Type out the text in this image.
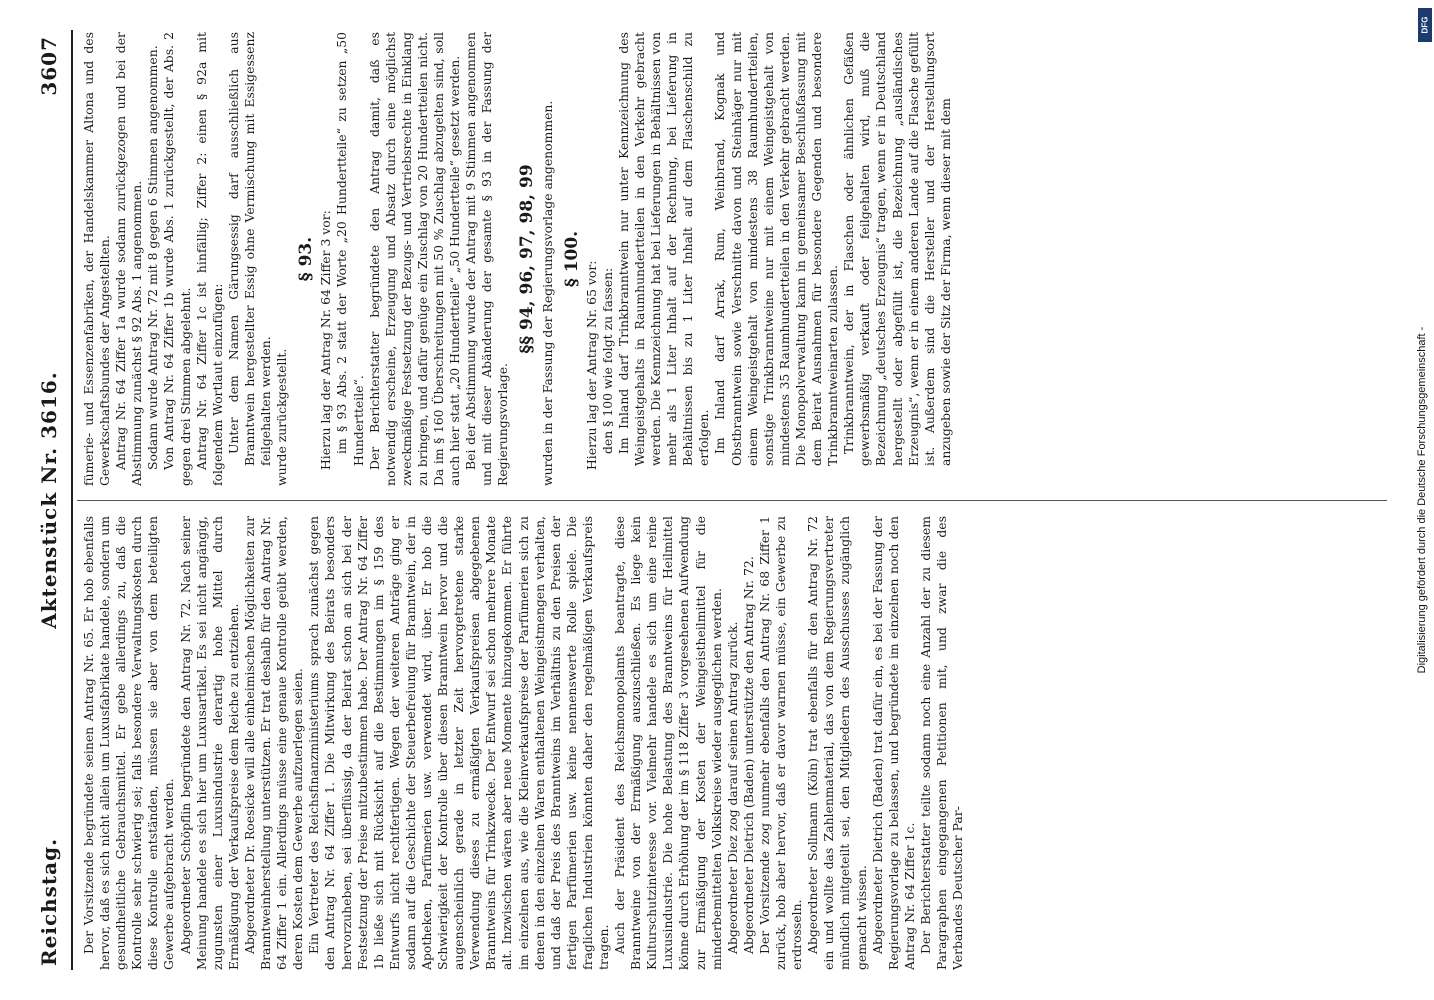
Reichstag.
Aktenstück Nr. 3616.
3607

Der Vorsitzende begründete seinen Antrag Nr. 65. Er hob ebenfalls hervor, daß es sich nicht allein um Luxusfabrikate handele, sondern um gesundheitliche Gebrauchsmittel. Er gebe allerdings zu, daß die Kontrolle sehr schwierig sei; falls besondere Verwaltungskosten durch diese Kontrolle entständen, müssen sie aber von dem beteiligten Gewerbe aufgebracht werden. Abgeordneter Schöpflin begründete den Antrag Nr. 72. Nach seiner Meinung handele es sich hier um Luxusartikel. Es sei nicht angängig, zugunsten einer Luxusindustrie derartig hohe Mittel durch Ermäßigung der Verkaufspreise dem Reiche zu entziehen. Abgeordneter Dr. Roesicke will alle einheimischen Möglichkeiten zur Branntweinherstellung unterstützen. Er trat deshalb für den Antrag Nr. 64 Ziffer 1 ein. Allerdings müsse eine genaue Kontrolle geübt werden, deren Kosten dem Gewerbe aufzuerlegen seien. Ein Vertreter des Reichsfinanzministeriums sprach zunächst gegen den Antrag Nr. 64 Ziffer 1. Die Mitwirkung des Beirats besonders hervorzuheben, sei überflüssig, da der Beirat schon an sich bei der Festsetzung der Preise mitzubestimmen habe. Der Antrag Nr. 64 Ziffer 1b ließe sich mit Rücksicht auf die Bestimmungen im § 159 des Entwurfs nicht rechtfertigen. Wegen der weiteren Anträge ging er sodann auf die Geschichte der Steuerbefreiung für Branntwein, der in Apotheken, Parfümerien usw. verwendet wird, über. Er hob die Schwierigkeit der Kontrolle über diesen Branntwein hervor und die augenscheinlich gerade in letzter Zeit hervorgetretene starke Verwendung dieses zu ermäßigten Verkaufspreisen abgegebenen Branntweins für Trinkzwecke. Der Entwurf sei schon mehrere Monate alt. Inzwischen wären aber neue Momente hinzugekommen. Er führte im einzelnen aus, wie die Kleinverkaufspreise der Parfümerien sich zu denen in den einzelnen Waren enthaltenen Weingeistmengen verhalten, und daß der Preis des Branntweins im Verhältnis zu den Preisen der fertigen Parfümerien usw. keine nennenswerte Rolle spiele. Die fraglichen Industrien könnten daher den regelmäßigen Verkaufspreis tragen. Auch der Präsident des Reichsmonopolamts beantragte, diese Branntweine von der Ermäßigung auszuschließen. Es liege kein Kulturschutzinteresse vor. Vielmehr handele es sich um eine reine Luxusindustrie. Die hohe Belastung des Branntweins für Heilmittel könne durch Erhöhung der im § 118 Ziffer 3 vorgesehenen Aufwendung zur Ermäßigung der Kosten der Weingeistheilmittel für die minderbemittelten Volkskreise wieder ausgeglichen werden. Abgeordneter Diez zog darauf seinen Antrag zurück. Abgeordneter Dietrich (Baden) unterstützte den Antrag Nr. 72. Der Vorsitzende zog nunmehr ebenfalls den Antrag Nr. 68 Ziffer 1 zurück, hob aber hervor, daß er davor warnen müsse, ein Gewerbe zu erdrosseln. Abgeordneter Sollmann (Köln) trat ebenfalls für den Antrag Nr. 72 ein und wollte das Zahlenmaterial, das von dem Regierungsvertreter mündlich mitgeteilt sei, den Mitgliedern des Ausschusses zugänglich gemacht wissen. Abgeordneter Dietrich (Baden) trat dafür ein, es bei der Fassung der Regierungsvorlage zu belassen, und begründete im einzelnen noch den Antrag Nr. 64 Ziffer 1c. Der Berichterstatter teilte sodann noch eine Anzahl der zu diesem Paragraphen eingegangenen Petitionen mit, und zwar die des Verbandes Deutscher Par-

fümerie- und Essenzenfabriken, der Handelskammer Altona und des Gewerkschaftsbundes der Angestellten. Antrag Nr. 64 Ziffer 1a wurde sodann zurückgezogen und bei der Abstimmung zunächst § 92 Abs. 1 angenommen. Sodann wurde Antrag Nr. 72 mit 8 gegen 6 Stimmen angenommen. Von Antrag Nr. 64 Ziffer 1b wurde Abs. 1 zurückgestellt, der Abs. 2 gegen drei Stimmen abgelehnt. Antrag Nr. 64 Ziffer 1c ist hinfällig; Ziffer 2: einen § 92a mit folgendem Wortlaut einzufügen: Unter dem Namen Gärungsessig darf ausschließlich aus Branntwein hergestellter Essig ohne Vermischung mit Essigessenz feilgehalten werden. wurde zurückgestellt.

§ 93. Hierzu lag der Antrag Nr. 64 Ziffer 3 vor: im § 93 Abs. 2 statt der Worte „20 Hundertteile“ zu setzen „50 Hundertteile“. Der Berichterstatter begründete den Antrag damit, daß es notwendig erscheine, Erzeugung und Absatz durch eine möglichst zweckmäßige Festsetzung der Bezugs- und Vertriebsrechte in Einklang zu bringen, und dafür genüge ein Zuschlag von 20 Hundertteilen nicht. Da im § 160 Überschreitungen mit 50 % Zuschlag abzugelten sind, soll auch hier statt „20 Hundertteile“ „50 Hundertteile“ gesetzt werden. Bei der Abstimmung wurde der Antrag mit 9 Stimmen angenommen und mit dieser Abänderung der gesamte § 93 in der Fassung der Regierungsvorlage.

§§ 94, 96, 97, 98, 99 wurden in der Fassung der Regierungsvorlage angenommen. § 100.

Hierzu lag der Antrag Nr. 65 vor: den § 100 wie folgt zu fassen: Im Inland darf Trinkbranntwein nur unter Kennzeichnung des Weingeistgehalts in Raumhundertteilen in den Verkehr gebracht werden. Die Kennzeichnung hat bei Lieferungen in Behältnissen von mehr als 1 Liter Inhalt auf der Rechnung, bei Lieferung in Behältnissen bis zu 1 Liter Inhalt auf dem Flaschenschild zu erfolgen. Im Inland darf Arrak, Rum, Weinbrand, Kognak und Obstbranntwein sowie Verschnitte davon und Steinhäger nur mit einem Weingeistgehalt von mindestens 38 Raumhundertteilen, sonstige Trinkbranntweine nur mit einem Weingeistgehalt von mindestens 35 Raumhundertteilen in den Verkehr gebracht werden. Die Monopolverwaltung kann in gemeinsamer Beschlußfassung mit dem Beirat Ausnahmen für besondere Gegenden und besondere Trinkbranntweinarten zulassen. Trinkbranntwein, der in Flaschen oder ähnlichen Gefäßen gewerbsmäßig verkauft oder feilgehalten wird, muß die Bezeichnung „deutsches Erzeugnis“ tragen, wenn er in Deutschland hergestellt oder abgefüllt ist, die Bezeichnung „ausländisches Erzeugnis“, wenn er in einem anderen Lande auf die Flasche gefüllt ist. Außerdem sind die Hersteller und der Herstellungsort anzugeben sowie der Sitz der Firma, wenn dieser mit dem

Digitalisierung gefördert durch die Deutsche Forschungsgemeinschaft -
DFG
